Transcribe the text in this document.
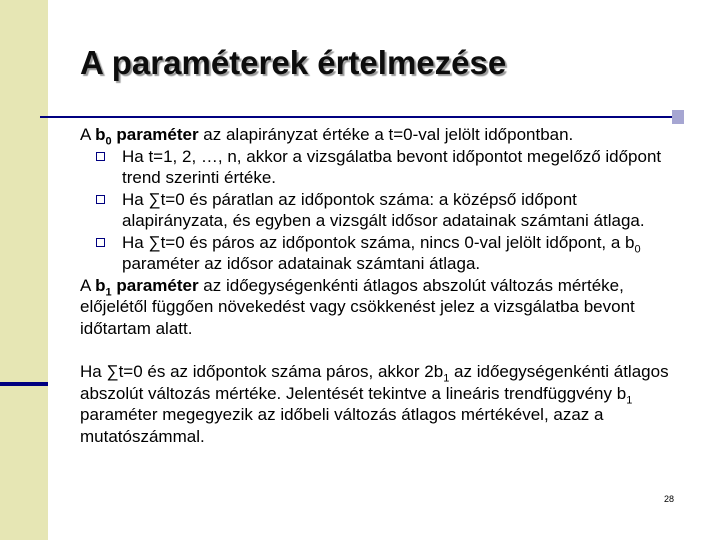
A paraméterek értelmezése

A $b_0$ paraméter az alapirányzat értéke a t=0-val jelölt időpontban.

Ha t=1, 2, …, n, akkor a vizsgálatba bevont időpontot megelőző időpont trend szerinti értéke.

Ha ∑t=0 és páratlan az időpontok száma: a középső időpont alapirányzata, és egyben a vizsgált idősor adatainak számtani átlaga.

Ha ∑t=0 és páros az időpontok száma, nincs 0-val jelölt időpont, a $b_0$ paraméter az idősor adatainak számtani átlaga.

A $b_1$ paraméter az időegységenkénti átlagos abszolút változás mértéke, előjelétől függően növekedést vagy csökkenést jelez a vizsgálatba bevont időtartam alatt.

Ha ∑t=0 és az időpontok száma páros, akkor $2b_1$ az időegységenkénti átlagos abszolút változás mértéke. Jelentését tekintve a lineáris trendfüggvény $b_1$ paraméter megegyezik az időbeli változás átlagos mértékével, azaz a mutatószámmal.

28
